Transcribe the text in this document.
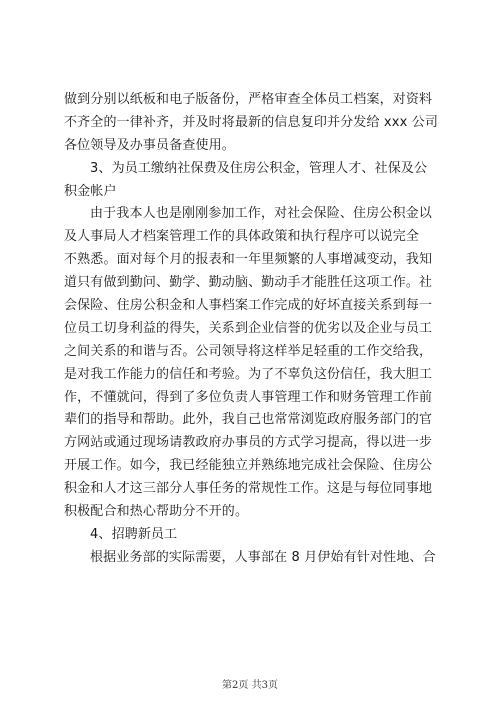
做到分别以纸板和电子版备份，严格审查全体员工档案，对资料
不齐全的一律补齐，并及时将最新的信息复印并分发给 xxx 公司
各位领导及办事员备查使用。
3、为员工缴纳社保费及住房公积金，管理人才、社保及公
积金帐户
由于我本人也是刚刚参加工作，对社会保险、住房公积金以
及人事局人才档案管理工作的具体政策和执行程序可以说完全
不熟悉。面对每个月的报表和一年里频繁的人事增减变动，我知
道只有做到勤问、勤学、勤动脑、勤动手才能胜任这项工作。社
会保险、住房公积金和人事档案工作完成的好坏直接关系到每一
位员工切身利益的得失，关系到企业信誉的优劣以及企业与员工
之间关系的和谐与否。公司领导将这样举足轻重的工作交给我，
是对我工作能力的信任和考验。为了不辜负这份信任，我大胆工
作，不懂就问，得到了多位负责人事管理工作和财务管理工作前
辈们的指导和帮助。此外，我自己也常常浏览政府服务部门的官
方网站或通过现场请教政府办事员的方式学习提高，得以进一步
开展工作。如今，我已经能独立并熟练地完成社会保险、住房公
积金和人才这三部分人事任务的常规性工作。这是与每位同事地
积极配合和热心帮助分不开的。
4、招聘新员工
根据业务部的实际需要，人事部在 8 月伊始有针对性地、合
第2页 共3页
